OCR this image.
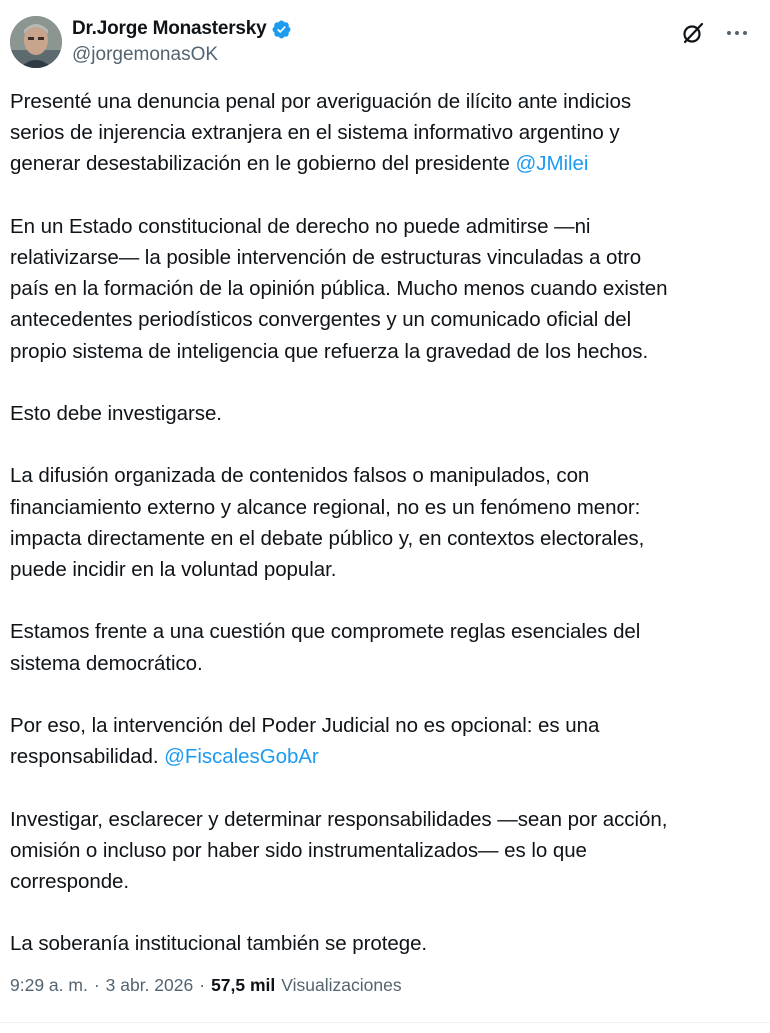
Dr.Jorge Monastersky
@jorgemonasOK

Presenté una denuncia penal por averiguación de ilícito ante indicios
serios de injerencia extranjera en el sistema informativo argentino y
generar desestabilización en le gobierno del presidente @JMilei

En un Estado constitucional de derecho no puede admitirse —ni
relativizarse— la posible intervención de estructuras vinculadas a otro
país en la formación de la opinión pública. Mucho menos cuando existen
antecedentes periodísticos convergentes y un comunicado oficial del
propio sistema de inteligencia que refuerza la gravedad de los hechos.

Esto debe investigarse.

La difusión organizada de contenidos falsos o manipulados, con
financiamiento externo y alcance regional, no es un fenómeno menor:
impacta directamente en el debate público y, en contextos electorales,
puede incidir en la voluntad popular.

Estamos frente a una cuestión que compromete reglas esenciales del
sistema democrático.

Por eso, la intervención del Poder Judicial no es opcional: es una
responsabilidad. @FiscalesGobAr

Investigar, esclarecer y determinar responsabilidades —sean por acción,
omisión o incluso por haber sido instrumentalizados— es lo que
corresponde.

La soberanía institucional también se protege.

9:29 a. m. · 3 abr. 2026 · 57,5 mil Visualizaciones
